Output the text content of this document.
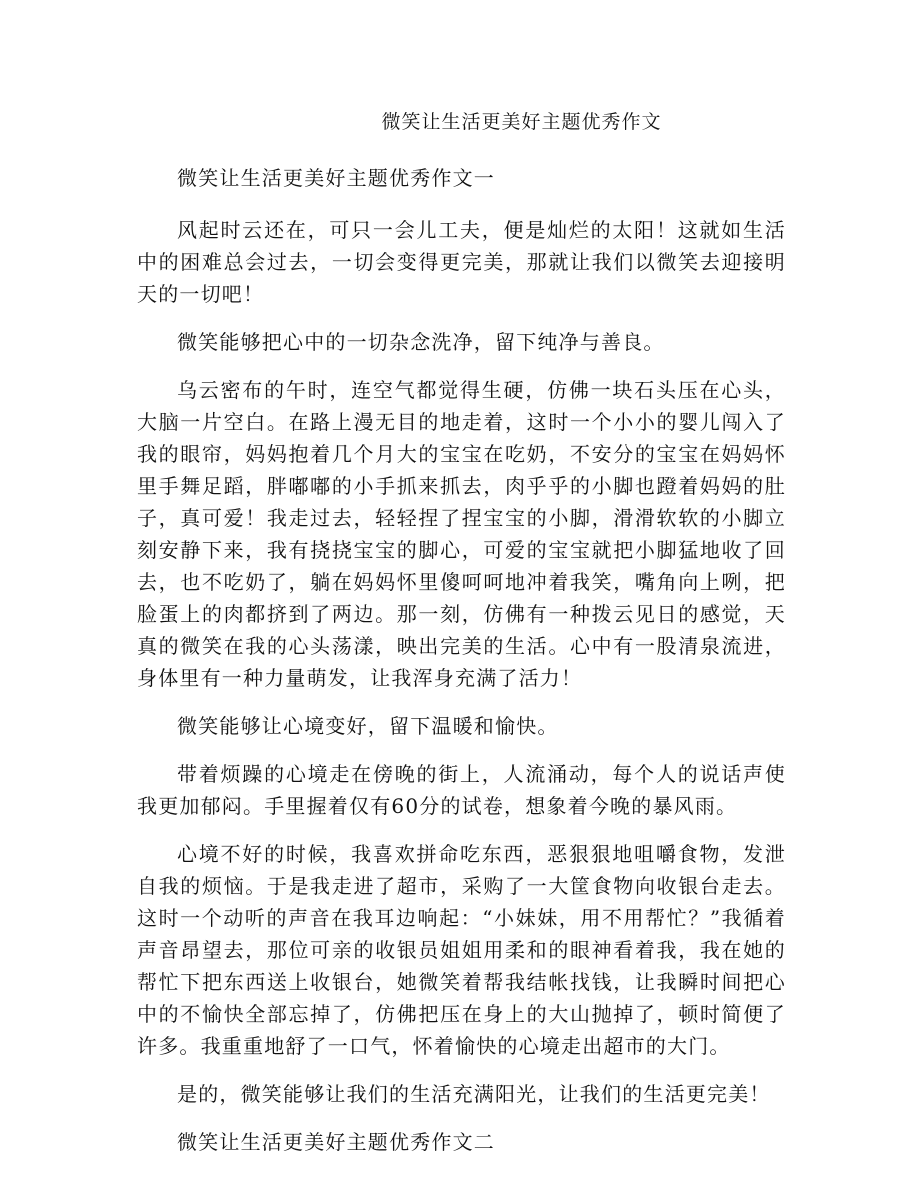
微笑让生活更美好主题优秀作文

微笑让生活更美好主题优秀作文一

风起时云还在，可只一会儿工夫，便是灿烂的太阳！这就如生活中的困难总会过去，一切会变得更完美，那就让我们以微笑去迎接明天的一切吧！

微笑能够把心中的一切杂念洗净，留下纯净与善良。

乌云密布的午时，连空气都觉得生硬，仿佛一块石头压在心头，大脑一片空白。在路上漫无目的地走着，这时一个小小的婴儿闯入了我的眼帘，妈妈抱着几个月大的宝宝在吃奶，不安分的宝宝在妈妈怀里手舞足蹈，胖嘟嘟的小手抓来抓去，肉乎乎的小脚也蹬着妈妈的肚子，真可爱！我走过去，轻轻捏了捏宝宝的小脚，滑滑软软的小脚立刻安静下来，我有挠挠宝宝的脚心，可爱的宝宝就把小脚猛地收了回去，也不吃奶了，躺在妈妈怀里傻呵呵地冲着我笑，嘴角向上咧，把脸蛋上的肉都挤到了两边。那一刻，仿佛有一种拨云见日的感觉，天真的微笑在我的心头荡漾，映出完美的生活。心中有一股清泉流进，身体里有一种力量萌发，让我浑身充满了活力！

微笑能够让心境变好，留下温暖和愉快。

带着烦躁的心境走在傍晚的街上，人流涌动，每个人的说话声使我更加郁闷。手里握着仅有60分的试卷，想象着今晚的暴风雨。

心境不好的时候，我喜欢拼命吃东西，恶狠狠地咀嚼食物，发泄自我的烦恼。于是我走进了超市，采购了一大筐食物向收银台走去。这时一个动听的声音在我耳边响起：“小妹妹，用不用帮忙？”我循着声音昂望去，那位可亲的收银员姐姐用柔和的眼神看着我，我在她的帮忙下把东西送上收银台，她微笑着帮我结帐找钱，让我瞬时间把心中的不愉快全部忘掉了，仿佛把压在身上的大山抛掉了，顿时简便了许多。我重重地舒了一口气，怀着愉快的心境走出超市的大门。

是的，微笑能够让我们的生活充满阳光，让我们的生活更完美！

微笑让生活更美好主题优秀作文二
